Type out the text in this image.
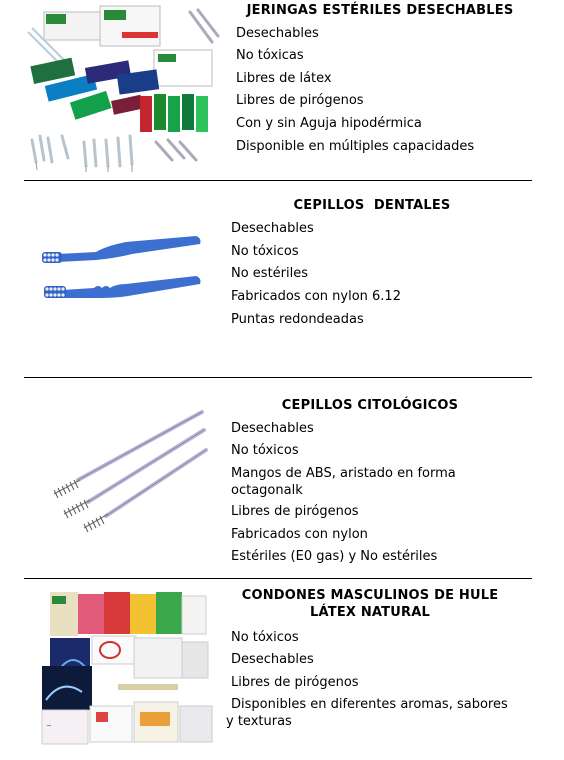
JERINGAS ESTÉRILES DESECHABLES
Desechables
No tóxicas
Libres de látex
Libres de pirógenos
Con y sin Aguja hipodérmica
Disponible en múltiples capacidades
CEPILLOS  DENTALES
Desechables
No tóxicos
No estériles
Fabricados con nylon 6.12
Puntas redondeadas
CEPILLOS CITOLÓGICOS
Desechables
No tóxicos
Mangos de ABS, aristado en forma octagonalk
Libres de pirógenos
Fabricados con nylon
Estériles (E0 gas) y No estériles
~
CONDONES MASCULINOS DE HULE LÁTEX NATURAL
No tóxicos
Desechables
Libres de pirógenos
Disponibles en diferentes aromas, sabores y texturas
